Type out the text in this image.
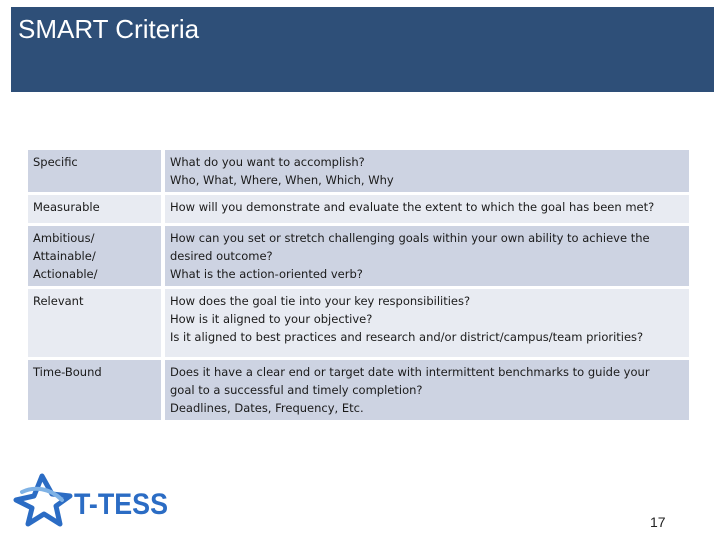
SMART Criteria
Specific	What do you want to accomplish?
Who, What, Where, When, Which, Why

Measurable	How will you demonstrate and evaluate the extent to which the goal has been met?

Ambitious/ Attainable/ Actionable/	How can you set or stretch challenging goals within your own ability to achieve the
desired outcome?
What is the action-oriented verb?

Relevant	How does the goal tie into your key responsibilities?
How is it aligned to your objective?
Is it aligned to best practices and research and/or district/campus/team priorities?

Time-Bound	Does it have a clear end or target date with intermittent benchmarks to guide your
goal to a successful and timely completion?
Deadlines, Dates, Frequency, Etc.
T-TESS
17
